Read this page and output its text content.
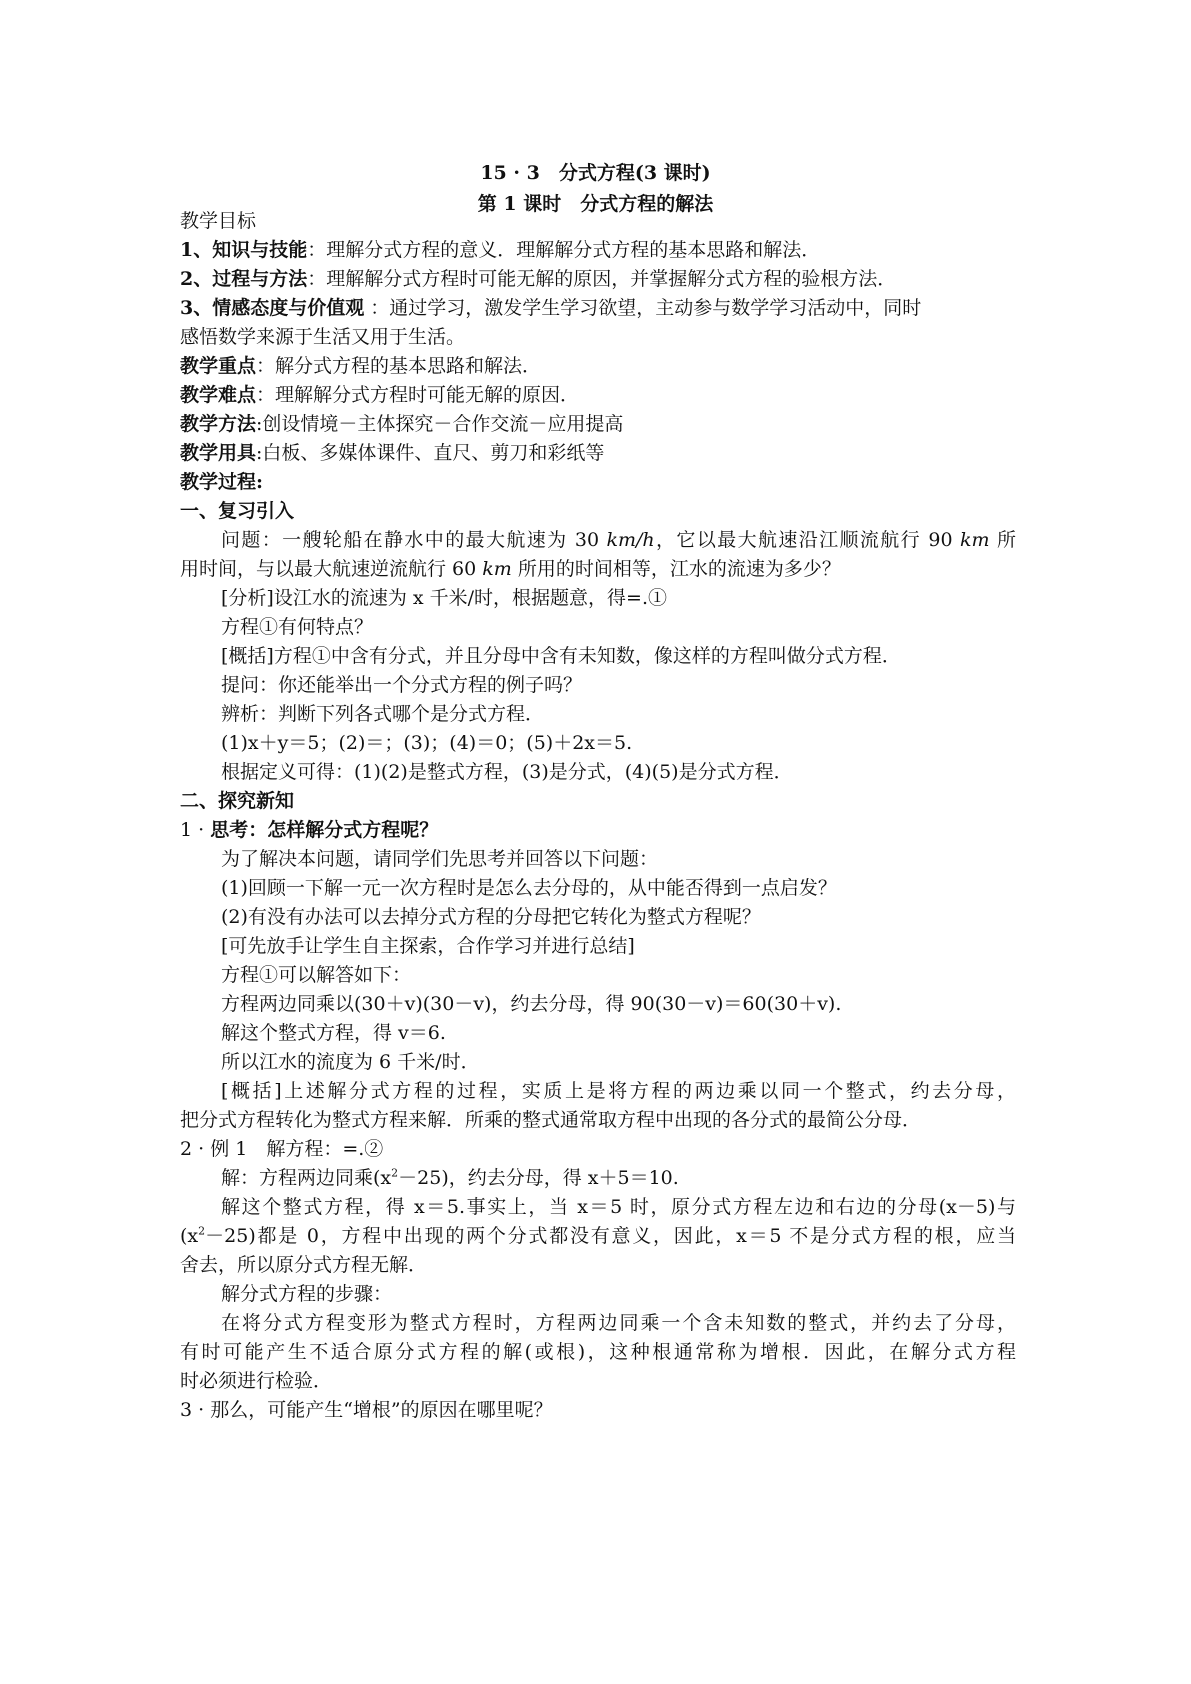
15 · 3　分式方程(3 课时)
第 1 课时　分式方程的解法
教学目标
1、知识与技能：理解分式方程的意义．理解解分式方程的基本思路和解法．
2、过程与方法：理解解分式方程时可能无解的原因，并掌握解分式方程的验根方法．
3、情感态度与价值观 ：通过学习，激发学生学习欲望，主动参与数学学习活动中，同时
感悟数学来源于生活又用于生活。
教学重点：解分式方程的基本思路和解法．
教学难点：理解解分式方程时可能无解的原因．
教学方法:创设情境－主体探究－合作交流－应用提高
教学用具:白板、多媒体课件、直尺、剪刀和彩纸等
教学过程:
一、复习引入
问题：一艘轮船在静水中的最大航速为 30 km/h，它以最大航速沿江顺流航行 90 km 所
用时间，与以最大航速逆流航行 60 km 所用的时间相等，江水的流速为多少？
[分析]设江水的流速为 x 千米/时，根据题意，得=.①
方程①有何特点？
[概括]方程①中含有分式，并且分母中含有未知数，像这样的方程叫做分式方程．
提问：你还能举出一个分式方程的例子吗？
辨析：判断下列各式哪个是分式方程．
(1)x＋y＝5；(2)＝；(3)；(4)＝0；(5)＋2x＝5.
根据定义可得：(1)(2)是整式方程，(3)是分式，(4)(5)是分式方程．
二、探究新知
1 · 思考：怎样解分式方程呢？
为了解决本问题，请同学们先思考并回答以下问题：
(1)回顾一下解一元一次方程时是怎么去分母的，从中能否得到一点启发？
(2)有没有办法可以去掉分式方程的分母把它转化为整式方程呢？
[可先放手让学生自主探索，合作学习并进行总结]
方程①可以解答如下：
方程两边同乘以(30＋v)(30－v)，约去分母，得 90(30－v)＝60(30＋v).
解这个整式方程，得 v＝6.
所以江水的流度为 6 千米/时．
[概括]上述解分式方程的过程，实质上是将方程的两边乘以同一个整式，约去分母，
把分式方程转化为整式方程来解．所乘的整式通常取方程中出现的各分式的最简公分母．
2 · 例 1　解方程：=.②
解：方程两边同乘$(x^2-25)$，约去分母，得 x＋5＝10.
解这个整式方程，得 x＝5.事实上，当 x＝5 时，原分式方程左边和右边的分母(x－5)与
$(x^2-25)$都是 0，方程中出现的两个分式都没有意义，因此，x＝5 不是分式方程的根，应当
舍去，所以原分式方程无解．
解分式方程的步骤：
在将分式方程变形为整式方程时，方程两边同乘一个含未知数的整式，并约去了分母，
有时可能产生不适合原分式方程的解(或根)，这种根通常称为增根．因此，在解分式方程
时必须进行检验．
3 · 那么，可能产生“增根”的原因在哪里呢？
